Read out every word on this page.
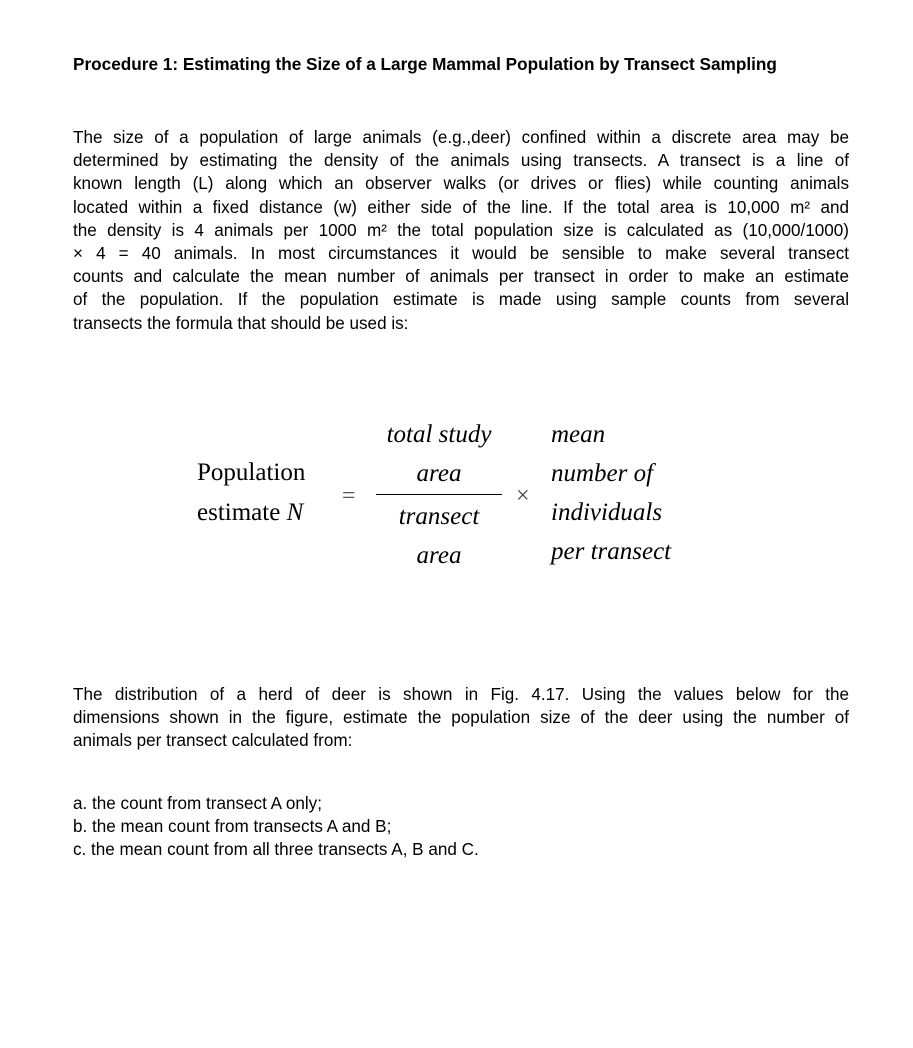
Procedure 1: Estimating the Size of a Large Mammal Population by Transect Sampling
The size of a population of large animals (e.g.,deer) confined within a discrete area may be
determined by estimating the density of the animals using transects. A transect is a line of
known length (L) along which an observer walks (or drives or flies) while counting animals
located within a fixed distance (w) either side of the line. If the total area is 10,000 m² and
the density is 4 animals per 1000 m² the total population size is calculated as (10,000/1000)
× 4 = 40 animals. In most circumstances it would be sensible to make several transect
counts and calculate the mean number of animals per transect in order to make an estimate
of the population. If the population estimate is made using sample counts from several
transects the formula that should be used is:
Population
estimate N
=
total study
area
transect
area
×
mean
number of
individuals
per transect
The distribution of a herd of deer is shown in Fig. 4.17. Using the values below for the
dimensions shown in the figure, estimate the population size of the deer using the number of
animals per transect calculated from:
a. the count from transect A only;
b. the mean count from transects A and B;
c. the mean count from all three transects A, B and C.
